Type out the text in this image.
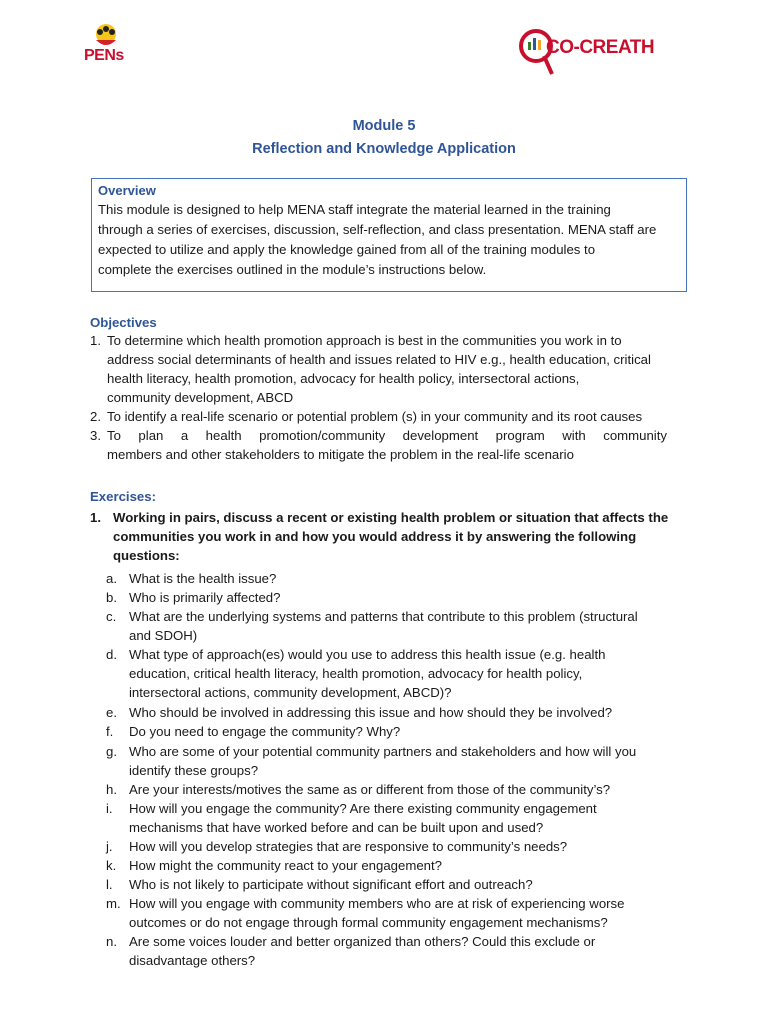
PENs	CO-CREATH
Module 5
Reflection and Knowledge Application
Overview
This module is designed to help MENA staff integrate the material learned in the training
through a series of exercises, discussion, self-reflection, and class presentation. MENA staff are
expected to utilize and apply the knowledge gained from all of the training modules to
complete the exercises outlined in the module’s instructions below.
Objectives
1. To determine which health promotion approach is best in the communities you work in to
address social determinants of health and issues related to HIV e.g., health education, critical
health literacy, health promotion, advocacy for health policy, intersectoral actions,
community development, ABCD
2. To identify a real-life scenario or potential problem (s) in your community and its root causes
3. To plan a health promotion/community development program with community
members and other stakeholders to mitigate the problem in the real-life scenario
Exercises:
1. Working in pairs, discuss a recent or existing health problem or situation that affects the
communities you work in and how you would address it by answering the following questions:
a. What is the health issue?
b. Who is primarily affected?
c. What are the underlying systems and patterns that contribute to this problem (structural
and SDOH)
d. What type of approach(es) would you use to address this health issue (e.g. health
education, critical health literacy, health promotion, advocacy for health policy,
intersectoral actions, community development, ABCD)?
e. Who should be involved in addressing this issue and how should they be involved?
f.	Do you need to engage the community? Why?
g. Who are some of your potential community partners and stakeholders and how will you
identify these groups?
h. Are your interests/motives the same as or different from those of the community’s?
i.	How will you engage the community? Are there existing community engagement
mechanisms that have worked before and can be built upon and used?
j.	How will you develop strategies that are responsive to community’s needs?
k. How might the community react to your engagement?
l.	Who is not likely to participate without significant effort and outreach?
m. How will you engage with community members who are at risk of experiencing worse
outcomes or do not engage through formal community engagement mechanisms?
n. Are some voices louder and better organized than others? Could this exclude or
disadvantage others?
